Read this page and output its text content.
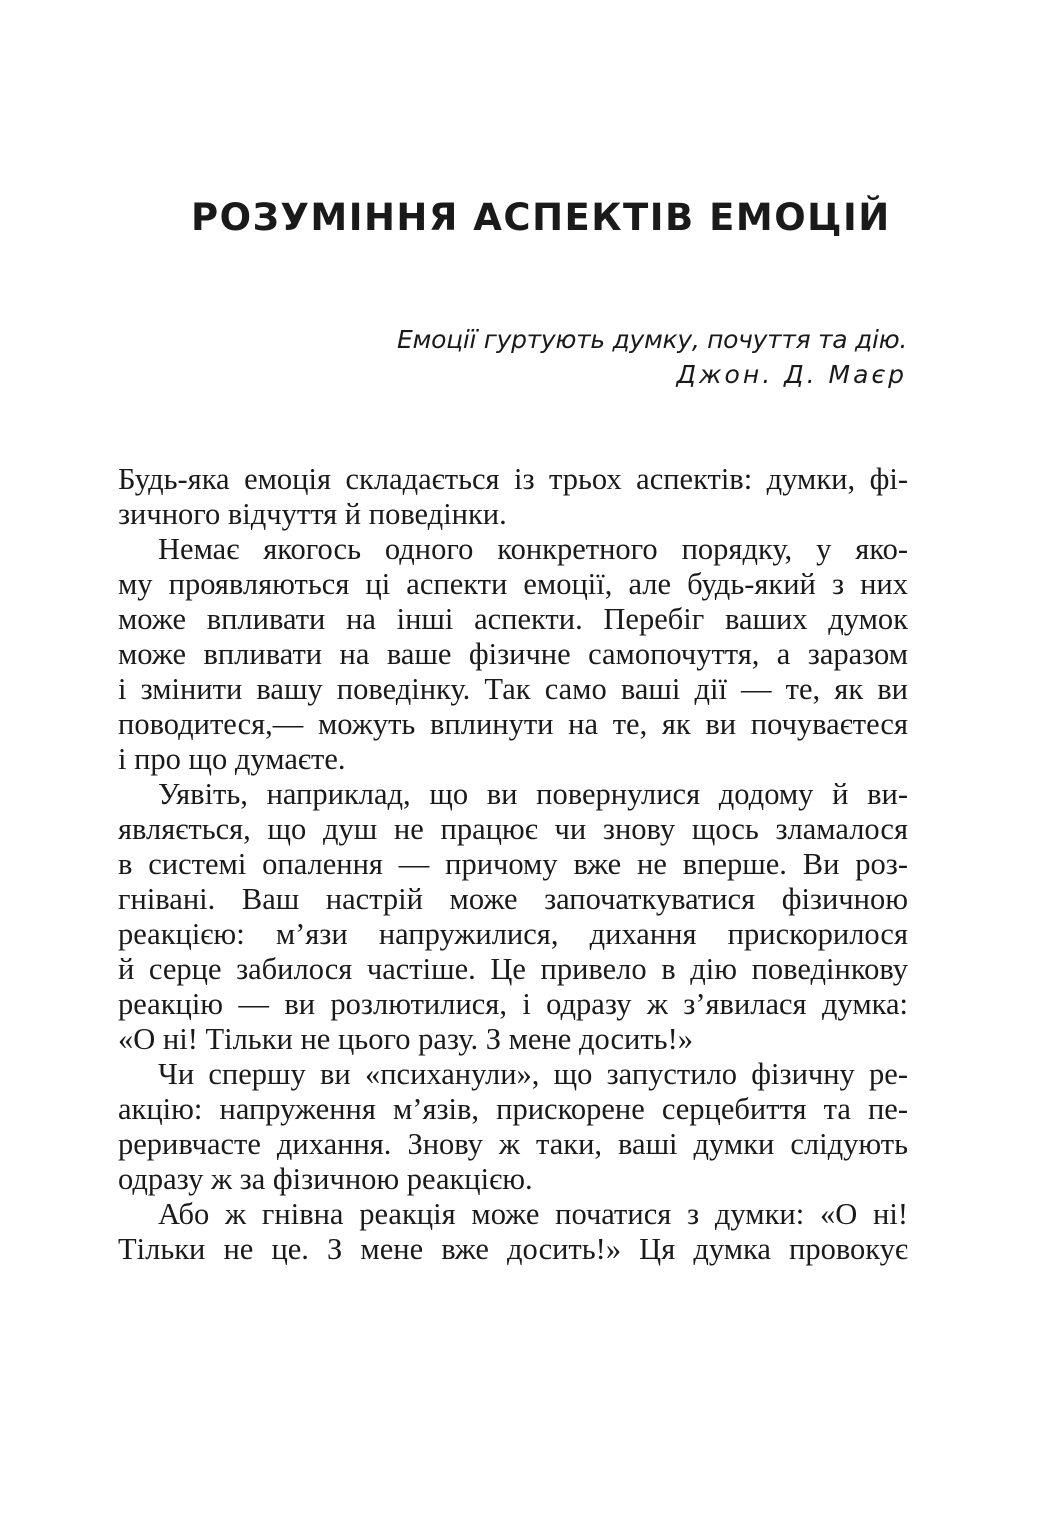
РОЗУМІННЯ АСПЕКТІВ ЕМОЦІЙ
Емоції гуртують думку, почуття та дію.
Джон. Д. Маєр

Будь-яка емоція складається із трьох аспектів: думки, фі-
зичного відчуття й поведінки.

Немає якогось одного конкретного порядку, у яко-
му проявляються ці аспекти емоції, але будь-який з них
може впливати на інші аспекти. Перебіг ваших думок
може впливати на ваше фізичне самопочуття, а заразом
і змінити вашу поведінку. Так само ваші дії — те, як ви
поводитеся,— можуть вплинути на те, як ви почуваєтеся
і про що думаєте.

Уявіть, наприклад, що ви повернулися додому й ви-
являється, що душ не працює чи знову щось зламалося
в системі опалення — причому вже не вперше. Ви роз-
гнівані. Ваш настрій може започаткуватися фізичною
реакцією: м’язи напружилися, дихання прискорилося
й серце забилося частіше. Це привело в дію поведінкову
реакцію — ви розлютилися, і одразу ж з’явилася думка:
«О ні! Тільки не цього разу. З мене досить!»

Чи спершу ви «психанули», що запустило фізичну ре-
акцію: напруження м’язів, прискорене серцебиття та пе-
реривчасте дихання. Знову ж таки, ваші думки слідують
одразу ж за фізичною реакцією.

Або ж гнівна реакція може початися з думки: «О ні!
Тільки не це. З мене вже досить!» Ця думка провокує
